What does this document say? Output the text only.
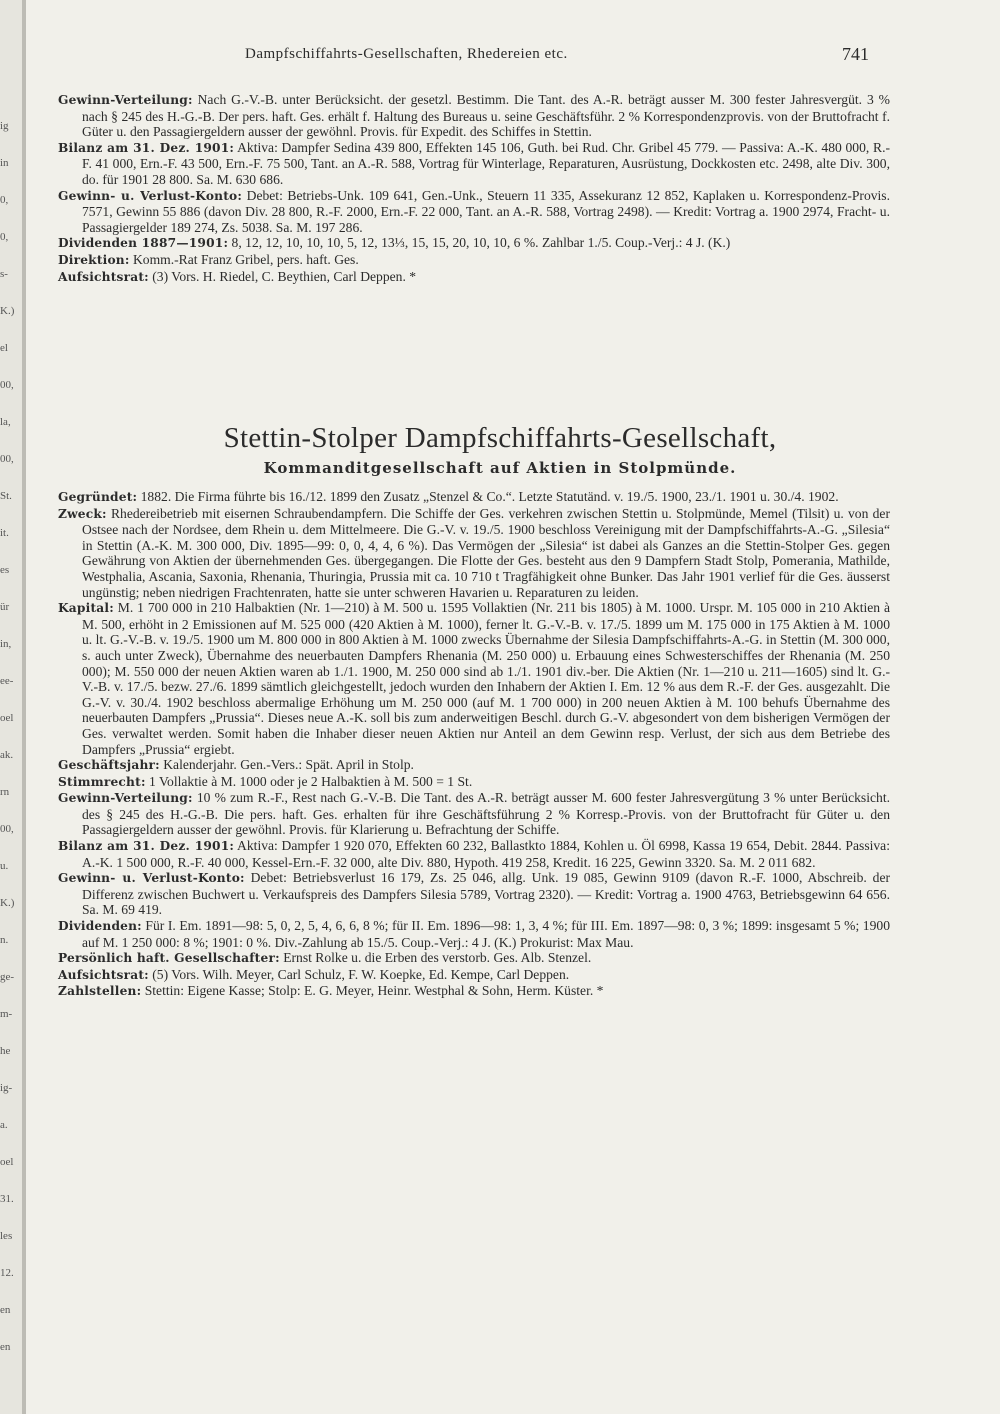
ig
in
0,
0,
s-
K.)
el
00,
la,
00,
St.
it.
es
ür
in,
ee-
oel
ak.
rn
00,
u.
K.)
n.
ge-
m-
he
ig-
a.
oel
31.
les
12.
en
en
Dampfschiffahrts-Gesellschaften, Rhedereien etc.	741

Gewinn-Verteilung: Nach G.-V.-B. unter Berücksicht. der gesetzl. Bestimm. Die Tant. des A.-R. beträgt ausser M. 300 fester Jahresvergüt. 3 % nach § 245 des H.-G.-B. Der pers. haft. Ges. erhält f. Haltung des Bureaus u. seine Geschäftsführ. 2 % Korrespondenzprovis. von der Bruttofracht f. Güter u. den Passagiergeldern ausser der gewöhnl. Provis. für Expedit. des Schiffes in Stettin.

Bilanz am 31. Dez. 1901: Aktiva: Dampfer Sedina 439 800, Effekten 145 106, Guth. bei Rud. Chr. Gribel 45 779. — Passiva: A.-K. 480 000, R.-F. 41 000, Ern.-F. 43 500, Ern.-F. 75 500, Tant. an A.-R. 588, Vortrag für Winterlage, Reparaturen, Ausrüstung, Dockkosten etc. 2498, alte Div. 300, do. für 1901 28 800. Sa. M. 630 686.

Gewinn- u. Verlust-Konto: Debet: Betriebs-Unk. 109 641, Gen.-Unk., Steuern 11 335, Assekuranz 12 852, Kaplaken u. Korrespondenz-Provis. 7571, Gewinn 55 886 (davon Div. 28 800, R.-F. 2000, Ern.-F. 22 000, Tant. an A.-R. 588, Vortrag 2498). — Kredit: Vortrag a. 1900 2974, Fracht- u. Passagiergelder 189 274, Zs. 5038. Sa. M. 197 286.

Dividenden 1887—1901: 8, 12, 12, 10, 10, 10, 5, 12, 13⅓, 15, 15, 20, 10, 10, 6 %. Zahlbar 1./5. Coup.-Verj.: 4 J. (K.)

Direktion: Komm.-Rat Franz Gribel, pers. haft. Ges.

Aufsichtsrat: (3) Vors. H. Riedel, C. Beythien, Carl Deppen. *

Stettin-Stolper Dampfschiffahrts-Gesellschaft,
Kommanditgesellschaft auf Aktien in Stolpmünde.

Gegründet: 1882. Die Firma führte bis 16./12. 1899 den Zusatz „Stenzel & Co.“. Letzte Statutänd. v. 19./5. 1900, 23./1. 1901 u. 30./4. 1902.

Zweck: Rhedereibetrieb mit eisernen Schraubendampfern. Die Schiffe der Ges. verkehren zwischen Stettin u. Stolpmünde, Memel (Tilsit) u. von der Ostsee nach der Nordsee, dem Rhein u. dem Mittelmeere. Die G.-V. v. 19./5. 1900 beschloss Vereinigung mit der Dampfschiffahrts-A.-G. „Silesia“ in Stettin (A.-K. M. 300 000, Div. 1895—99: 0, 0, 4, 4, 6 %). Das Vermögen der „Silesia“ ist dabei als Ganzes an die Stettin-Stolper Ges. gegen Gewährung von Aktien der übernehmenden Ges. übergegangen. Die Flotte der Ges. besteht aus den 9 Dampfern Stadt Stolp, Pomerania, Mathilde, Westphalia, Ascania, Saxonia, Rhenania, Thuringia, Prussia mit ca. 10 710 t Tragfähigkeit ohne Bunker. Das Jahr 1901 verlief für die Ges. äusserst ungünstig; neben niedrigen Frachtenraten, hatte sie unter schweren Havarien u. Reparaturen zu leiden.

Kapital: M. 1 700 000 in 210 Halbaktien (Nr. 1—210) à M. 500 u. 1595 Vollaktien (Nr. 211 bis 1805) à M. 1000. Urspr. M. 105 000 in 210 Aktien à M. 500, erhöht in 2 Emissionen auf M. 525 000 (420 Aktien à M. 1000), ferner lt. G.-V.-B. v. 17./5. 1899 um M. 175 000 in 175 Aktien à M. 1000 u. lt. G.-V.-B. v. 19./5. 1900 um M. 800 000 in 800 Aktien à M. 1000 zwecks Übernahme der Silesia Dampfschiffahrts-A.-G. in Stettin (M. 300 000, s. auch unter Zweck), Übernahme des neuerbauten Dampfers Rhenania (M. 250 000) u. Erbauung eines Schwesterschiffes der Rhenania (M. 250 000); M. 550 000 der neuen Aktien waren ab 1./1. 1900, M. 250 000 sind ab 1./1. 1901 div.-ber. Die Aktien (Nr. 1—210 u. 211—1605) sind lt. G.-V.-B. v. 17./5. bezw. 27./6. 1899 sämtlich gleichgestellt, jedoch wurden den Inhabern der Aktien I. Em. 12 % aus dem R.-F. der Ges. ausgezahlt. Die G.-V. v. 30./4. 1902 beschloss abermalige Erhöhung um M. 250 000 (auf M. 1 700 000) in 200 neuen Aktien à M. 100 behufs Übernahme des neuerbauten Dampfers „Prussia“. Dieses neue A.-K. soll bis zum anderweitigen Beschl. durch G.-V. abgesondert von dem bisherigen Vermögen der Ges. verwaltet werden. Somit haben die Inhaber dieser neuen Aktien nur Anteil an dem Gewinn resp. Verlust, der sich aus dem Betriebe des Dampfers „Prussia“ ergiebt.

Geschäftsjahr: Kalenderjahr. Gen.-Vers.: Spät. April in Stolp.

Stimmrecht: 1 Vollaktie à M. 1000 oder je 2 Halbaktien à M. 500 = 1 St.

Gewinn-Verteilung: 10 % zum R.-F., Rest nach G.-V.-B. Die Tant. des A.-R. beträgt ausser M. 600 fester Jahresvergütung 3 % unter Berücksicht. des § 245 des H.-G.-B. Die pers. haft. Ges. erhalten für ihre Geschäftsführung 2 % Korresp.-Provis. von der Bruttofracht für Güter u. den Passagiergeldern ausser der gewöhnl. Provis. für Klarierung u. Befrachtung der Schiffe.

Bilanz am 31. Dez. 1901: Aktiva: Dampfer 1 920 070, Effekten 60 232, Ballastkto 1884, Kohlen u. Öl 6998, Kassa 19 654, Debit. 2844. Passiva: A.-K. 1 500 000, R.-F. 40 000, Kessel-Ern.-F. 32 000, alte Div. 880, Hypoth. 419 258, Kredit. 16 225, Gewinn 3320. Sa. M. 2 011 682.

Gewinn- u. Verlust-Konto: Debet: Betriebsverlust 16 179, Zs. 25 046, allg. Unk. 19 085, Gewinn 9109 (davon R.-F. 1000, Abschreib. der Differenz zwischen Buchwert u. Verkaufspreis des Dampfers Silesia 5789, Vortrag 2320). — Kredit: Vortrag a. 1900 4763, Betriebsgewinn 64 656. Sa. M. 69 419.

Dividenden: Für I. Em. 1891—98: 5, 0, 2, 5, 4, 6, 6, 8 %; für II. Em. 1896—98: 1, 3, 4 %; für III. Em. 1897—98: 0, 3 %; 1899: insgesamt 5 %; 1900 auf M. 1 250 000: 8 %; 1901: 0 %. Div.-Zahlung ab 15./5. Coup.-Verj.: 4 J. (K.) Prokurist: Max Mau.

Persönlich haft. Gesellschafter: Ernst Rolke u. die Erben des verstorb. Ges. Alb. Stenzel.

Aufsichtsrat: (5) Vors. Wilh. Meyer, Carl Schulz, F. W. Koepke, Ed. Kempe, Carl Deppen.

Zahlstellen: Stettin: Eigene Kasse; Stolp: E. G. Meyer, Heinr. Westphal & Sohn, Herm. Küster. *
